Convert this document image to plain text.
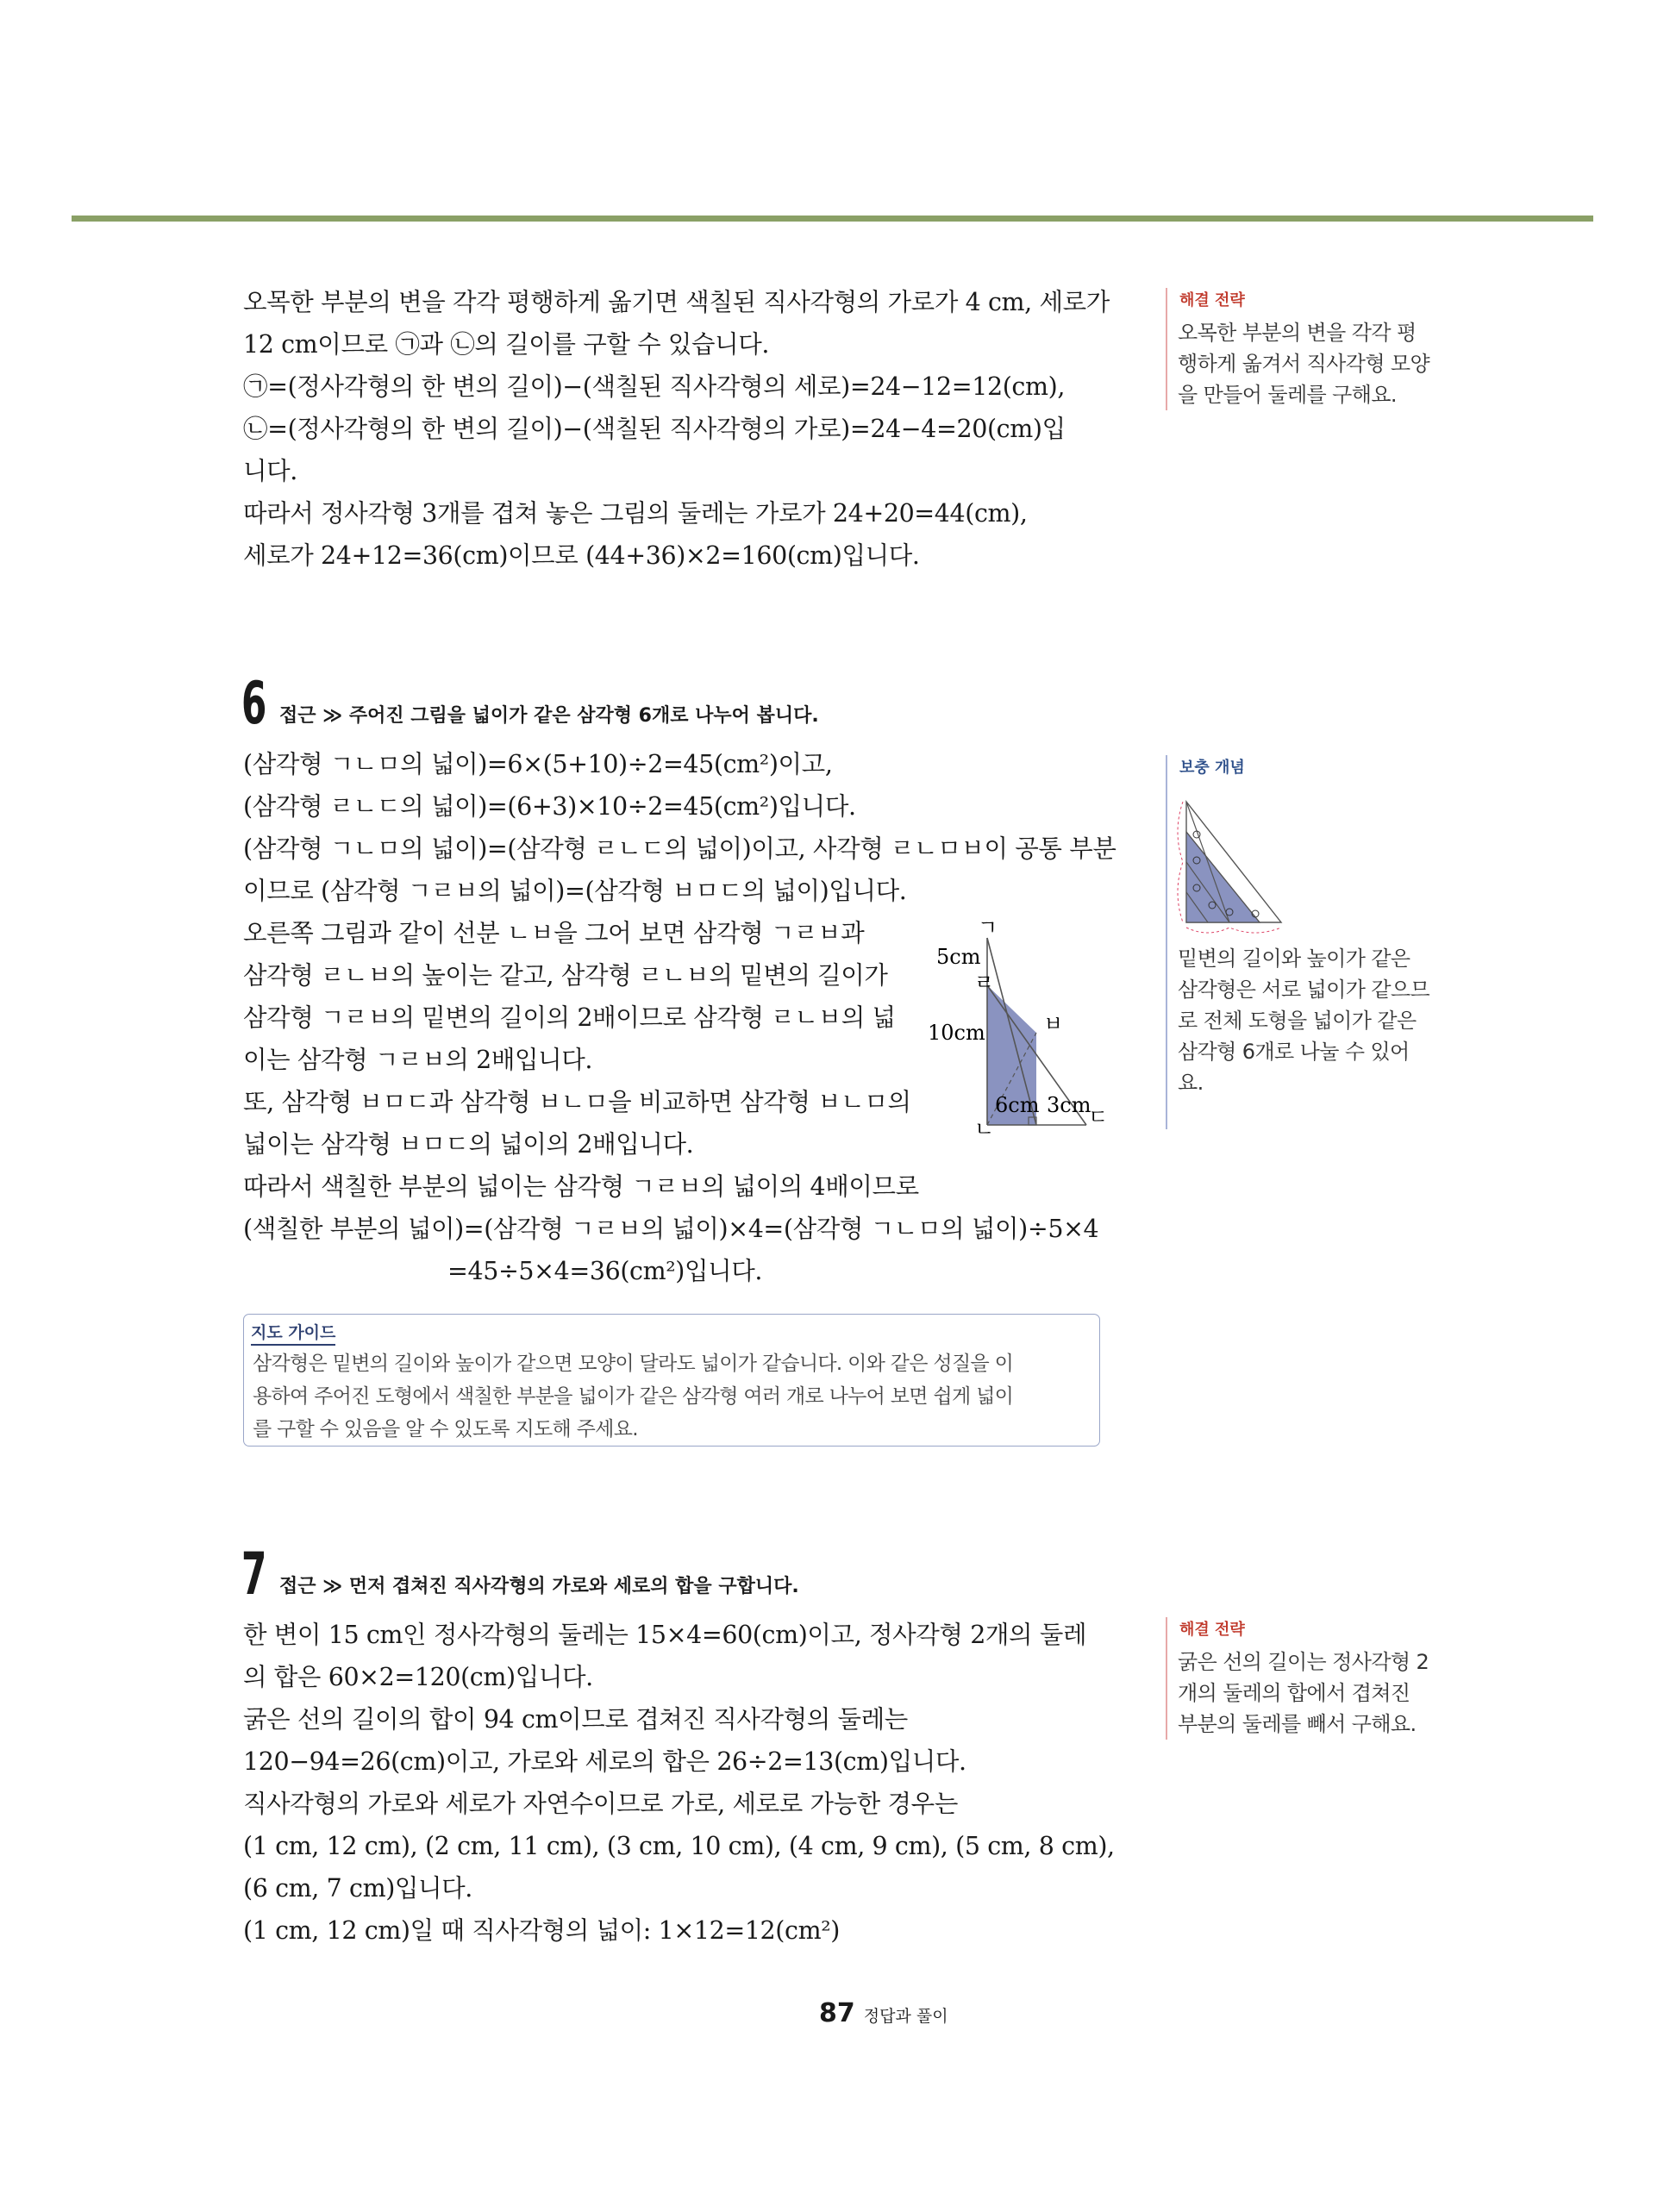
오목한 부분의 변을 각각 평행하게 옮기면 색칠된 직사각형의 가로가 4 cm, 세로가
12 cm이므로 ㉠과 ㉡의 길이를 구할 수 있습니다.
㉠=(정사각형의 한 변의 길이)−(색칠된 직사각형의 세로)=24−12=12(cm),
㉡=(정사각형의 한 변의 길이)−(색칠된 직사각형의 가로)=24−4=20(cm)입
니다.
따라서 정사각형 3개를 겹쳐 놓은 그림의 둘레는 가로가 24+20=44(cm),
세로가 24+12=36(cm)이므로 (44+36)×2=160(cm)입니다.
해결 전략
오목한 부분의 변을 각각 평
행하게 옮겨서 직사각형 모양
을 만들어 둘레를 구해요.
6 접근 ≫ 주어진 그림을 넓이가 같은 삼각형 6개로 나누어 봅니다.
(삼각형 ㄱㄴㅁ의 넓이)=6×(5+10)÷2=45(cm²)이고,
(삼각형 ㄹㄴㄷ의 넓이)=(6+3)×10÷2=45(cm²)입니다.
(삼각형 ㄱㄴㅁ의 넓이)=(삼각형 ㄹㄴㄷ의 넓이)이고, 사각형 ㄹㄴㅁㅂ이 공통 부분
이므로 (삼각형 ㄱㄹㅂ의 넓이)=(삼각형 ㅂㅁㄷ의 넓이)입니다.
오른쪽 그림과 같이 선분 ㄴㅂ을 그어 보면 삼각형 ㄱㄹㅂ과
삼각형 ㄹㄴㅂ의 높이는 같고, 삼각형 ㄹㄴㅂ의 밑변의 길이가
삼각형 ㄱㄹㅂ의 밑변의 길이의 2배이므로 삼각형 ㄹㄴㅂ의 넓
이는 삼각형 ㄱㄹㅂ의 2배입니다.
또, 삼각형 ㅂㅁㄷ과 삼각형 ㅂㄴㅁ을 비교하면 삼각형 ㅂㄴㅁ의
넓이는 삼각형 ㅂㅁㄷ의 넓이의 2배입니다.
따라서 색칠한 부분의 넓이는 삼각형 ㄱㄹㅂ의 넓이의 4배이므로
(색칠한 부분의 넓이)=(삼각형 ㄱㄹㅂ의 넓이)×4=(삼각형 ㄱㄴㅁ의 넓이)÷5×4
=45÷5×4=36(cm²)입니다.
ㄱ
ㄹ
ㄴ
ㅂ
ㄷ
5cm
10cm
6cm 3cm
보충 개념
밑변의 길이와 높이가 같은
삼각형은 서로 넓이가 같으므
로 전체 도형을 넓이가 같은
삼각형 6개로 나눌 수 있어
요.
지도 가이드
삼각형은 밑변의 길이와 높이가 같으면 모양이 달라도 넓이가 같습니다. 이와 같은 성질을 이
용하여 주어진 도형에서 색칠한 부분을 넓이가 같은 삼각형 여러 개로 나누어 보면 쉽게 넓이
를 구할 수 있음을 알 수 있도록 지도해 주세요.
7 접근 ≫ 먼저 겹쳐진 직사각형의 가로와 세로의 합을 구합니다.
한 변이 15 cm인 정사각형의 둘레는 15×4=60(cm)이고, 정사각형 2개의 둘레
의 합은 60×2=120(cm)입니다.
굵은 선의 길이의 합이 94 cm이므로 겹쳐진 직사각형의 둘레는
120−94=26(cm)이고, 가로와 세로의 합은 26÷2=13(cm)입니다.
직사각형의 가로와 세로가 자연수이므로 가로, 세로로 가능한 경우는
(1 cm, 12 cm), (2 cm, 11 cm), (3 cm, 10 cm), (4 cm, 9 cm), (5 cm, 8 cm),
(6 cm, 7 cm)입니다.
(1 cm, 12 cm)일 때 직사각형의 넓이: 1×12=12(cm²)
해결 전략
굵은 선의 길이는 정사각형 2
개의 둘레의 합에서 겹쳐진
부분의 둘레를 빼서 구해요.
87 정답과 풀이
